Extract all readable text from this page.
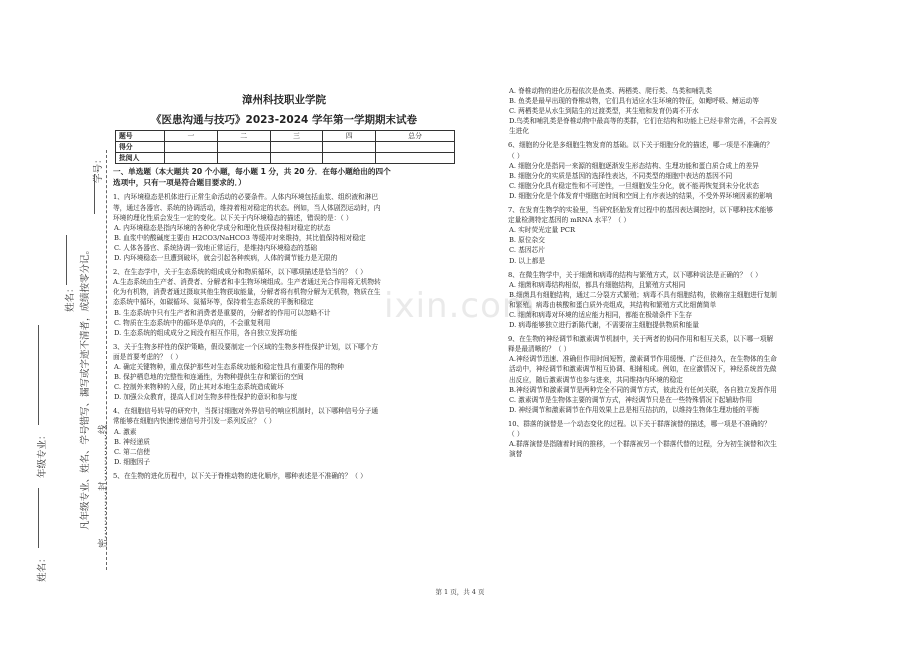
学号：
凡年级专业、姓名、学号错写、漏写或字迹不清者，成绩按零分记。 密……………封……………线
姓名：
年级专业：
姓名：
漳州科技职业学院
《医患沟通与技巧》2023-2024 学年第一学期期末试卷
题号	一	二	三	四	总分
得分					
批阅人					
一、单选题（本大题共 20 个小题，每小题 1 分，共 20 分．在每小题给出的四个
选项中，只有一项是符合题目要求的．）
1、内环境稳态是机体进行正常生命活动的必要条件。人体内环境包括血浆、组织液和淋巴
等，通过各器官、系统的协调活动，维持着相对稳定的状态。例如，当人体剧烈运动时，内
环境的理化性质会发生一定的变化。以下关于内环境稳态的描述，错误的是：（ ）
A. 内环境稳态是指内环境的各种化学成分和理化性质保持相对稳定的状态
B. 血浆中的酸碱度主要由 H2CO3/NaHCO3 等缓冲对来维持，其比值保持相对稳定
C. 人体各器官、系统协调一致地正常运行，是维持内环境稳态的基础
D. 内环境稳态一旦遭到破坏，就会引起各种疾病，人体的调节能力是无限的
2、在生态学中，关于生态系统的组成成分和物质循环，以下哪项描述是恰当的？（ ）
A.生态系统由生产者、消费者、分解者和非生物环境组成。生产者通过光合作用将无机物转
化为有机物，消费者通过摄取其他生物获取能量，分解者将有机物分解为无机物，物质在生
态系统中循环，如碳循环、氮循环等，保持着生态系统的平衡和稳定
B. 生态系统中只有生产者和消费者是重要的，分解者的作用可以忽略不计
C. 物质在生态系统中的循环是单向的，不会重复利用
D. 生态系统的组成成分之间没有相互作用，各自独立发挥功能
3、关于生物多样性的保护策略，假设要制定一个区域的生物多样性保护计划，以下哪个方
面是首要考虑的？（ ）
A. 确定关键物种，重点保护那些对生态系统功能和稳定性具有重要作用的物种
B. 保护栖息地的完整性和连通性，为物种提供生存和繁衍的空间
C. 控制外来物种的入侵，防止其对本地生态系统造成破坏
D. 加强公众教育，提高人们对生物多样性保护的意识和参与度
4、在细胞信号转导的研究中，当探讨细胞对外界信号的响应机制时，以下哪种信号分子通
常能够在细胞内快速传递信号并引发一系列反应？（ ）
A. 激素
B. 神经递质
C. 第二信使
D. 细胞因子
5、在生物的进化历程中，以下关于脊椎动物的进化顺序，哪种表述是不准确的？（ ）
A. 脊椎动物的进化历程依次是鱼类、两栖类、爬行类、鸟类和哺乳类
B. 鱼类是最早出现的脊椎动物，它们具有适应水生环境的特征，如鳃呼吸、鳍运动等
C. 两栖类是从水生到陆生的过渡类型，其生殖和发育仍离不开水
D.鸟类和哺乳类是脊椎动物中最高等的类群，它们在结构和功能上已经非常完善，不会再发
生进化
6、细胞的分化是多细胞生物发育的基础。以下关于细胞分化的描述，哪一项是不准确的？
（ ）
A. 细胞分化是指同一来源的细胞逐渐发生形态结构、生理功能和蛋白质合成上的差异
B. 细胞分化的实质是基因的选择性表达，不同类型的细胞中表达的基因不同
C. 细胞分化具有稳定性和不可逆性，一旦细胞发生分化，就不能再恢复到未分化状态
D. 细胞分化是个体发育中细胞在时间和空间上有序表达的结果，不受外界环境因素的影响
7、在发育生物学的实验里，当研究胚胎发育过程中的基因表达调控时，以下哪种技术能够
定量检测特定基因的 mRNA 水平？（ ）
A. 实时荧光定量 PCR
B. 原位杂交
C. 基因芯片
D. 以上都是
8、在微生物学中，关于细菌和病毒的结构与繁殖方式，以下哪种说法是正确的？（ ）
A. 细菌和病毒结构相似，都具有细胞结构，且繁殖方式相同
B.细菌具有细胞结构，通过二分裂方式繁殖；病毒不具有细胞结构，依赖宿主细胞进行复制
和繁殖。病毒由核酸和蛋白质外壳组成，其结构和繁殖方式比细菌简单
C. 细菌和病毒对环境的适应能力相同，都能在极端条件下生存
D. 病毒能够独立进行新陈代谢，不需要宿主细胞提供物质和能量
9、在生物的神经调节和激素调节机制中，关于两者的协同作用和相互关系，以下哪一项解
释是最清晰的？（ ）
A.神经调节迅速、准确但作用时间短暂，激素调节作用缓慢、广泛但持久，在生物体的生命
活动中，神经调节和激素调节相互协调、相辅相成。例如，在应激情况下，神经系统首先做
出反应，随后激素调节也参与进来，共同维持内环境的稳定
B.神经调节和激素调节是两种完全不同的调节方式，彼此没有任何关联，各自独立发挥作用
C. 激素调节是生物体主要的调节方式，神经调节只是在一些特殊情况下起辅助作用
D. 神经调节和激素调节在作用效果上总是相互拮抗的，以维持生物体生理功能的平衡
10、群落的演替是一个动态变化的过程。以下关于群落演替的描述，哪一项是不准确的？
（ ）
A.群落演替是指随着时间的推移，一个群落被另一个群落代替的过程，分为初生演替和次生
演替
ixin.com
第 1 页，共 4 页
